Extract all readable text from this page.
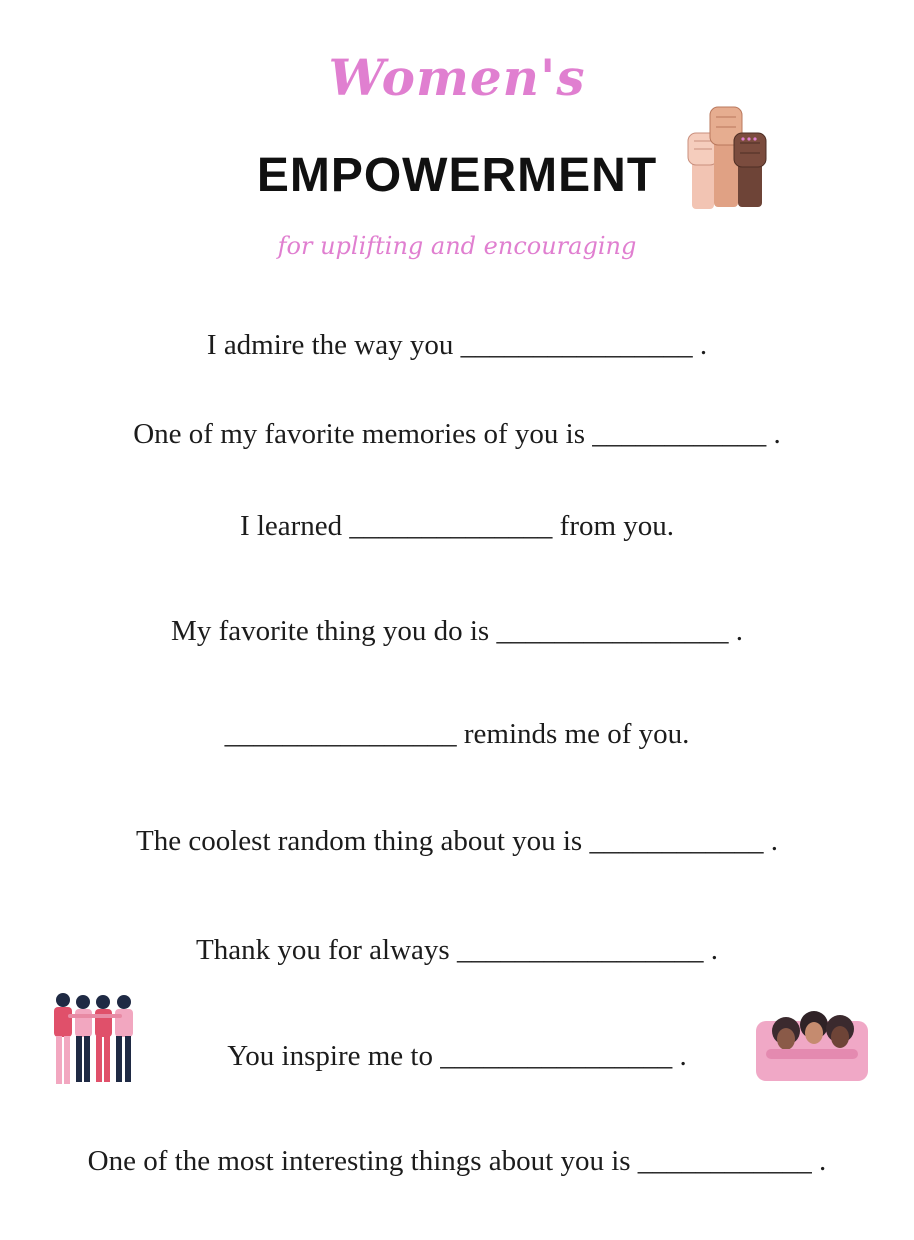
Women's
EMPOWERMENT
for uplifting and encouraging
I admire the way you ________________ .
One of my favorite memories of you is ____________ .
I learned ______________ from you.
My favorite thing you do is ________________ .
________________ reminds me of you.
The coolest random thing about you is ____________ .
Thank you for always _________________ .
You inspire me to ________________ .
One of the most interesting things about you is ____________ .
